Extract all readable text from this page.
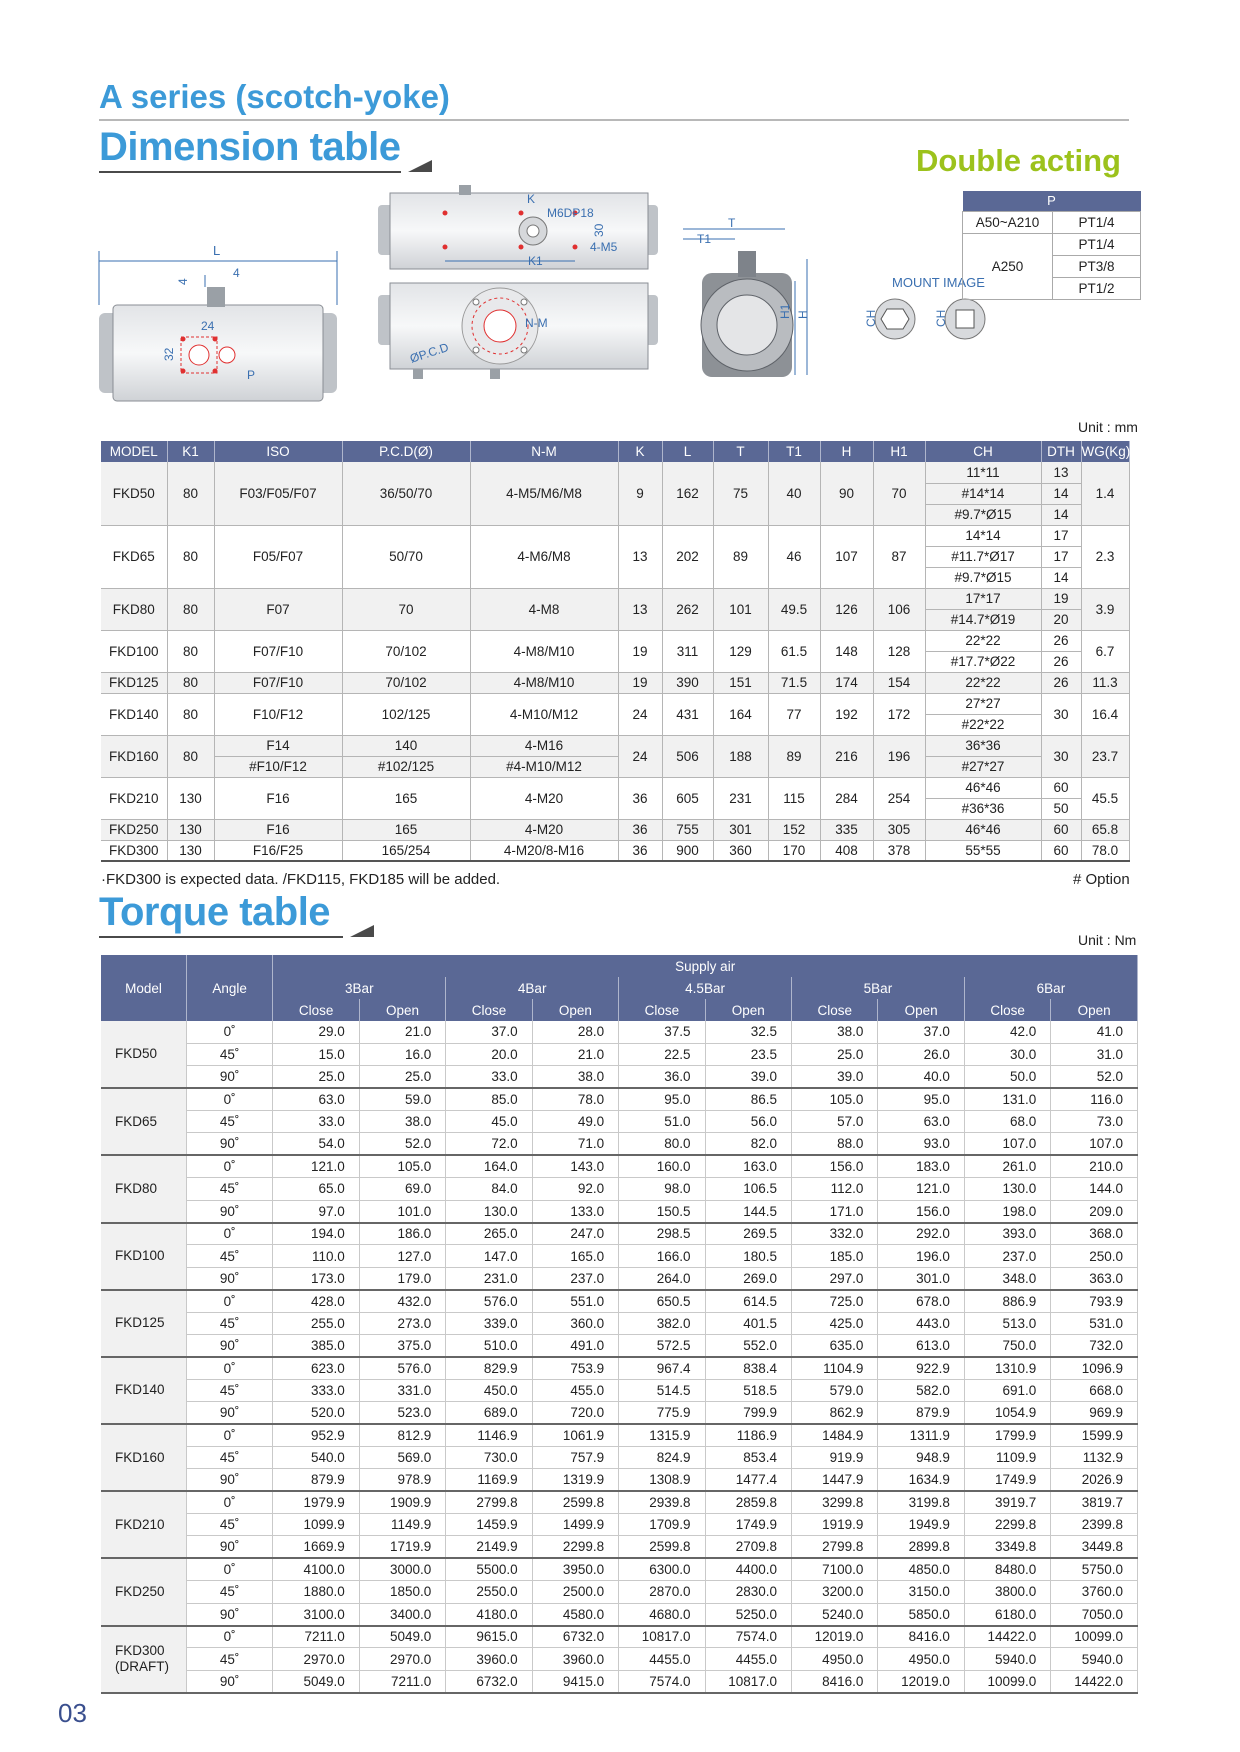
A series (scotch-yoke)
Dimension table	Double acting
L
4
4
24
32
P
K
M6DP18
30
K1
4-M5
ØP.C.D
N-M
T
T1
H1 H
MOUNT IMAGE
CH	CH
P	
A50~A210	PT1/4
A250	PT1/4
	PT3/8
	PT1/2
Unit : mm
MODEL	K1	ISO	P.C.D(Ø)	N-M	K	L	T	T1	H	H1	CH	DTH	WG(Kg)
FKD50	80	F03/F05/F07	36/50/70	4-M5/M6/M8	9	162	75	40	90	70	11*11	13	1.4
											#14*14	14	
											#9.7*Ø15	14	
FKD65	80	F05/F07	50/70	4-M6/M8	13	202	89	46	107	87	14*14	17	2.3
											#11.7*Ø17	17	
											#9.7*Ø15	14	
FKD80	80	F07	70	4-M8	13	262	101	49.5	126	106	17*17	19	3.9
											#14.7*Ø19	20	
FKD100	80	F07/F10	70/102	4-M8/M10	19	311	129	61.5	148	128	22*22	26	6.7
											#17.7*Ø22	26	
FKD125	80	F07/F10	70/102	4-M8/M10	19	390	151	71.5	174	154	22*22	26	11.3
FKD140	80	F10/F12	102/125	4-M10/M12	24	431	164	77	192	172	27*27	30	16.4
											#22*22		
FKD160	80	F14	140	4-M16	24	506	188	89	216	196	36*36	30	23.7
		#F10/F12	#102/125	#4-M10/M12							#27*27		
FKD210	130	F16	165	4-M20	36	605	231	115	284	254	46*46	60	45.5
											#36*36	50	
FKD250	130	F16	165	4-M20	36	755	301	152	335	305	46*46	60	65.8
FKD300	130	F16/F25	165/254	4-M20/8-M16	36	900	360	170	408	378	55*55	60	78.0
·FKD300 is expected data. /FKD115, FKD185 will be added.	# Option
Torque table
Unit : Nm
Model	Angle	Supply air									
		3Bar		4Bar		4.5Bar		5Bar		6Bar	
		Close	Open	Close	Open	Close	Open	Close	Open	Close	Open
FKD50	0˚	29.0	21.0	37.0	28.0	37.5	32.5	38.0	37.0	42.0	41.0
	45˚	15.0	16.0	20.0	21.0	22.5	23.5	25.0	26.0	30.0	31.0
	90˚	25.0	25.0	33.0	38.0	36.0	39.0	39.0	40.0	50.0	52.0
FKD65	0˚	63.0	59.0	85.0	78.0	95.0	86.5	105.0	95.0	131.0	116.0
	45˚	33.0	38.0	45.0	49.0	51.0	56.0	57.0	63.0	68.0	73.0
	90˚	54.0	52.0	72.0	71.0	80.0	82.0	88.0	93.0	107.0	107.0
FKD80	0˚	121.0	105.0	164.0	143.0	160.0	163.0	156.0	183.0	261.0	210.0
	45˚	65.0	69.0	84.0	92.0	98.0	106.5	112.0	121.0	130.0	144.0
	90˚	97.0	101.0	130.0	133.0	150.5	144.5	171.0	156.0	198.0	209.0
FKD100	0˚	194.0	186.0	265.0	247.0	298.5	269.5	332.0	292.0	393.0	368.0
	45˚	110.0	127.0	147.0	165.0	166.0	180.5	185.0	196.0	237.0	250.0
	90˚	173.0	179.0	231.0	237.0	264.0	269.0	297.0	301.0	348.0	363.0
FKD125	0˚	428.0	432.0	576.0	551.0	650.5	614.5	725.0	678.0	886.9	793.9
	45˚	255.0	273.0	339.0	360.0	382.0	401.5	425.0	443.0	513.0	531.0
	90˚	385.0	375.0	510.0	491.0	572.5	552.0	635.0	613.0	750.0	732.0
FKD140	0˚	623.0	576.0	829.9	753.9	967.4	838.4	1104.9	922.9	1310.9	1096.9
	45˚	333.0	331.0	450.0	455.0	514.5	518.5	579.0	582.0	691.0	668.0
	90˚	520.0	523.0	689.0	720.0	775.9	799.9	862.9	879.9	1054.9	969.9
FKD160	0˚	952.9	812.9	1146.9	1061.9	1315.9	1186.9	1484.9	1311.9	1799.9	1599.9
	45˚	540.0	569.0	730.0	757.9	824.9	853.4	919.9	948.9	1109.9	1132.9
	90˚	879.9	978.9	1169.9	1319.9	1308.9	1477.4	1447.9	1634.9	1749.9	2026.9
FKD210	0˚	1979.9	1909.9	2799.8	2599.8	2939.8	2859.8	3299.8	3199.8	3919.7	3819.7
	45˚	1099.9	1149.9	1459.9	1499.9	1709.9	1749.9	1919.9	1949.9	2299.8	2399.8
	90˚	1669.9	1719.9	2149.9	2299.8	2599.8	2709.8	2799.8	2899.8	3349.8	3449.8
FKD250	0˚	4100.0	3000.0	5500.0	3950.0	6300.0	4400.0	7100.0	4850.0	8480.0	5750.0
	45˚	1880.0	1850.0	2550.0	2500.0	2870.0	2830.0	3200.0	3150.0	3800.0	3760.0
	90˚	3100.0	3400.0	4180.0	4580.0	4680.0	5250.0	5240.0	5850.0	6180.0	7050.0
FKD300
(DRAFT)	0˚	7211.0	5049.0	9615.0	6732.0	10817.0	7574.0	12019.0	8416.0	14422.0	10099.0
	45˚	2970.0	2970.0	3960.0	3960.0	4455.0	4455.0	4950.0	4950.0	5940.0	5940.0
	90˚	5049.0	7211.0	6732.0	9415.0	7574.0	10817.0	8416.0	12019.0	10099.0	14422.0
03
